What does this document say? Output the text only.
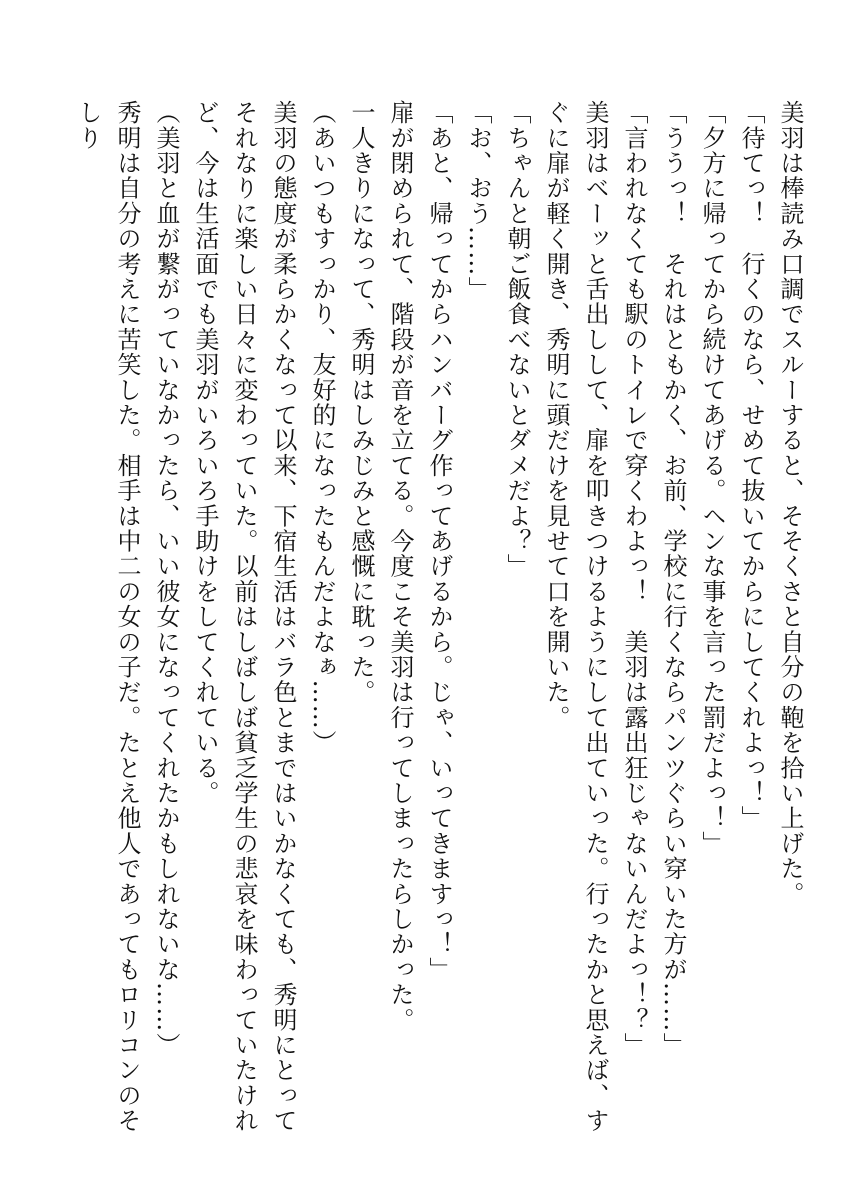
美羽は棒読み口調でスルーすると、そそくさと自分の鞄を拾い上げた。

「待てっ！　行くのなら、せめて抜いてからにしてくれよっ！」

「夕方に帰ってから続けてあげる。ヘンな事を言った罰だよっ！」

「ううっ！　それはともかく、お前、学校に行くならパンツぐらい穿いた方が……」

「言われなくても駅のトイレで穿くわよっ！　美羽は露出狂じゃないんだよっ！？」

美羽はベーッと舌出しして、扉を叩きつけるようにして出ていった。行ったかと思えば、すぐに扉が軽く開き、秀明に頭だけを見せて口を開いた。

「ちゃんと朝ご飯食べないとダメだよ？」

「お、おう……」

「あと、帰ってからハンバーグ作ってあげるから。じゃ、いってきますっ！」

扉が閉められて、階段が音を立てる。今度こそ美羽は行ってしまったらしかった。

一人きりになって、秀明はしみじみと感慨に耽った。

（あいつもすっかり、友好的になったもんだよなぁ……）

美羽の態度が柔らかくなって以来、下宿生活はバラ色とまではいかなくても、秀明にとってそれなりに楽しい日々に変わっていた。以前はしばしば貧乏学生の悲哀を味わっていたけれど、今は生活面でも美羽がいろいろ手助けをしてくれている。

（美羽と血が繋がっていなかったら、いい彼女になってくれたかもしれないな……）

秀明は自分の考えに苦笑した。相手は中二の女の子だ。たとえ他人であってもロリコンのそしり
